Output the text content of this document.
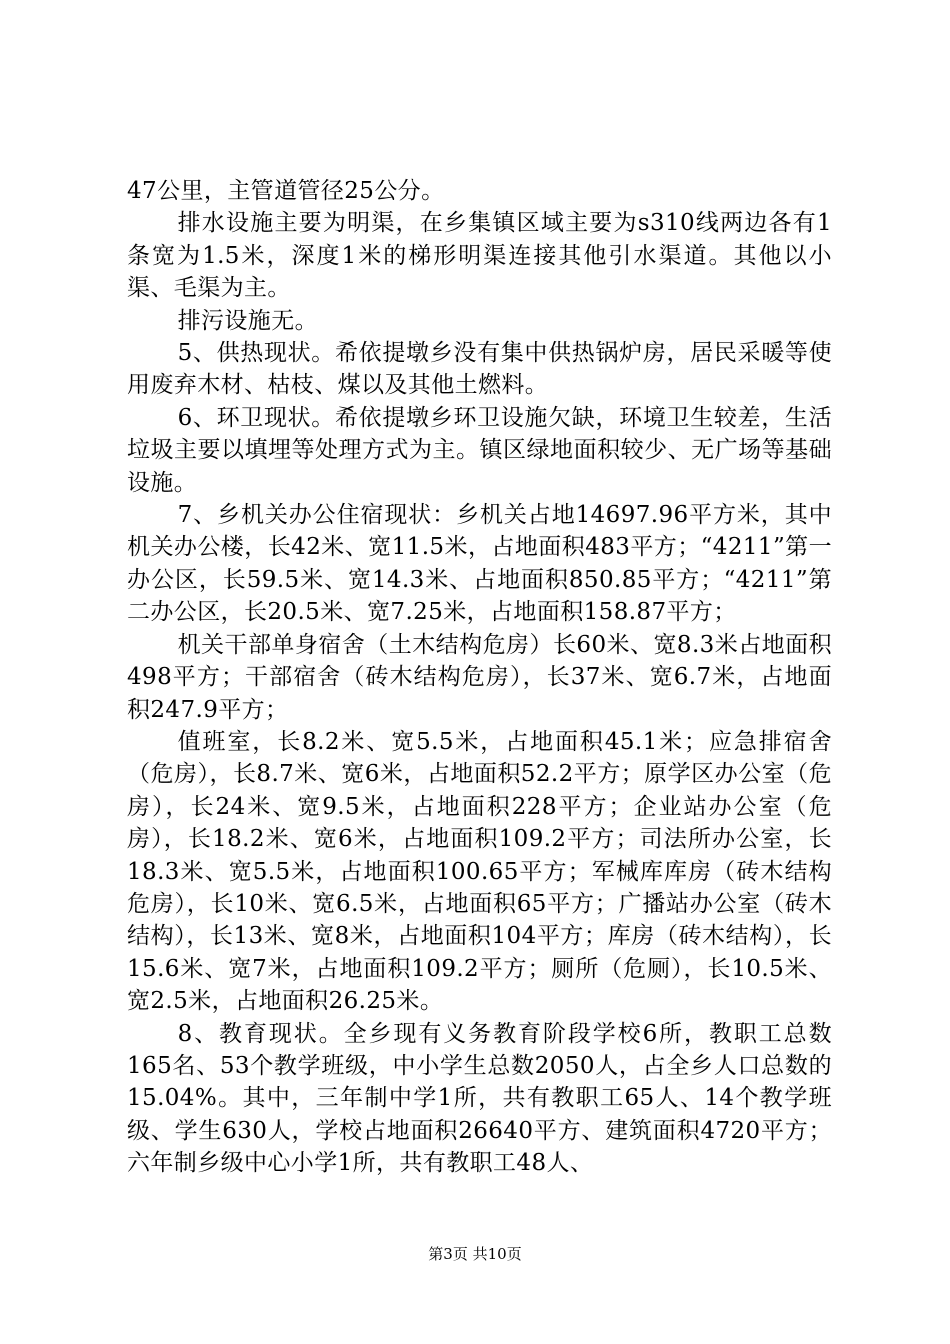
47公里，主管道管径25公分。

排水设施主要为明渠，在乡集镇区域主要为s310线两边各有1条宽为1.5米，深度1米的梯形明渠连接其他引水渠道。其他以小渠、毛渠为主。

排污设施无。

5、供热现状。希依提墩乡没有集中供热锅炉房，居民采暖等使用废弃木材、枯枝、煤以及其他土燃料。

6、环卫现状。希依提墩乡环卫设施欠缺，环境卫生较差，生活垃圾主要以填埋等处理方式为主。镇区绿地面积较少、无广场等基础设施。

7、乡机关办公住宿现状：乡机关占地14697.96平方米，其中机关办公楼，长42米、宽11.5米，占地面积483平方；“4211”第一办公区，长59.5米、宽14.3米、占地面积850.85平方；“4211”第二办公区，长20.5米、宽7.25米，占地面积158.87平方；

机关干部单身宿舍（土木结构危房）长60米、宽8.3米占地面积498平方；干部宿舍（砖木结构危房），长37米、宽6.7米，占地面积247.9平方；

值班室，长8.2米、宽5.5米，占地面积45.1米；应急排宿舍（危房），长8.7米、宽6米，占地面积52.2平方；原学区办公室（危房），长24米、宽9.5米，占地面积228平方；企业站办公室（危房），长18.2米、宽6米，占地面积109.2平方；司法所办公室，长18.3米、宽5.5米，占地面积100.65平方；军械库库房（砖木结构危房），长10米、宽6.5米，占地面积65平方；广播站办公室（砖木结构），长13米、宽8米，占地面积104平方；库房（砖木结构），长15.6米、宽7米，占地面积109.2平方；厕所（危厕），长10.5米、宽2.5米，占地面积26.25米。

8、教育现状。全乡现有义务教育阶段学校6所，教职工总数165名、53个教学班级，中小学生总数2050人，占全乡人口总数的15.04%。其中，三年制中学1所，共有教职工65人、14个教学班级、学生630人，学校占地面积26640平方、建筑面积4720平方；六年制乡级中心小学1所，共有教职工48人、

第3页 共10页
